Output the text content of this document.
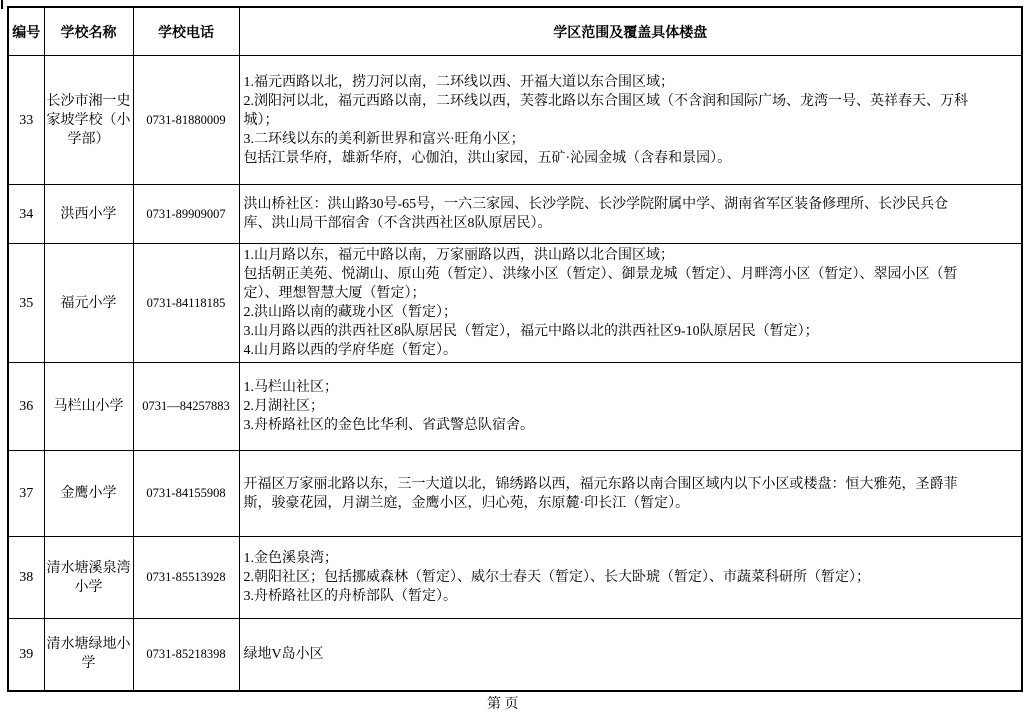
编号	学校名称	学校电话	学区范围及覆盖具体楼盘
33	长沙市湘一史家坡学校（小学部）	0731-81880009	1.福元西路以北，捞刀河以南，二环线以西、开福大道以东合围区域；
2.浏阳河以北，福元西路以南，二环线以西，芙蓉北路以东合围区域（不含润和国际广场、龙湾一号、英祥春天、万科城）；
3.二环线以东的美利新世界和富兴·旺角小区；
包括江景华府，雄新华府，心伽泊，洪山家园，五矿·沁园金城（含春和景园）。

34	洪西小学	0731-89909007	洪山桥社区：洪山路30号-65号，一六三家园、长沙学院、长沙学院附属中学、湖南省军区装备修理所、长沙民兵仓库、洪山局干部宿舍（不含洪西社区8队原居民）。

35	福元小学	0731-84118185	1.山月路以东，福元中路以南，万家丽路以西，洪山路以北合围区域；
包括朝正美苑、悦湖山、原山苑（暂定）、洪缘小区（暂定）、御景龙城（暂定）、月畔湾小区（暂定）、翠园小区（暂定）、理想智慧大厦（暂定）；
2.洪山路以南的藏珑小区（暂定）；
3.山月路以西的洪西社区8队原居民（暂定），福元中路以北的洪西社区9-10队原居民（暂定）；
4.山月路以西的学府华庭（暂定）。

36	马栏山小学	0731—84257883	1.马栏山社区；
2.月湖社区；
3.舟桥路社区的金色比华利、省武警总队宿舍。

37	金鹰小学	0731-84155908	开福区万家丽北路以东，三一大道以北，锦绣路以西，福元东路以南合围区域内以下小区或楼盘：恒大雅苑，圣爵菲斯，骏豪花园，月湖兰庭，金鹰小区，归心苑，东原麓·印长江（暂定）。

38	清水塘溪泉湾小学	0731-85513928	1.金色溪泉湾；
2.朝阳社区；包括挪威森林（暂定）、威尔士春天（暂定）、长大卧琥（暂定）、市蔬菜科研所（暂定）；
3.舟桥路社区的舟桥部队（暂定）。

39	清水塘绿地小学	0731-85218398	绿地V岛小区
第 页
